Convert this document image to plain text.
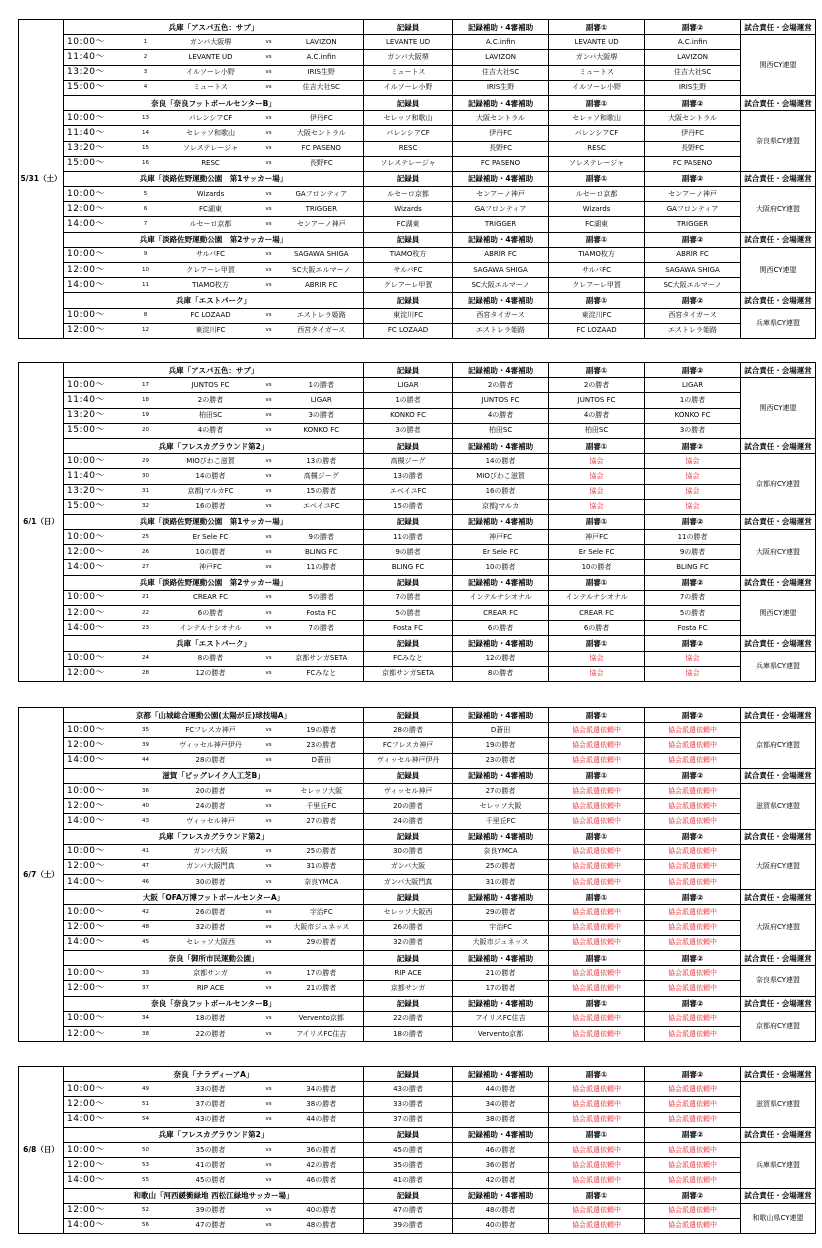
5/31（土）	兵庫「アスパ五色：サブ」					記録員	記録補助・4審補助	副審①	副審②	試合責任・会場運営
	10:00～	1	ガンバ大阪堺	vs	LAVIZON	LEVANTE UD	A.C.infin	LEVANTE UD	A.C.infin	関西CY連盟
	11:40～	2	LEVANTE UD	vs	A.C.infin	ガンバ大阪堺	LAVIZON	ガンバ大阪堺	LAVIZON	
	13:20～	3	イルソーレ小野	vs	IRIS生野	ミュートス	住吉大社SC	ミュートス	住吉大社SC	
	15:00～	4	ミュートス	vs	住吉大社SC	イルソーレ小野	IRIS生野	イルソーレ小野	IRIS生野	
	奈良「奈良フットボールセンターB」					記録員	記録補助・4審補助	副審①	副審②	試合責任・会場運営
	10:00～	13	バレンシアCF	vs	伊丹FC	セレッソ和歌山	大阪セントラル	セレッソ和歌山	大阪セントラル	奈良県CY連盟
	11:40～	14	セレッソ和歌山	vs	大阪セントラル	バレンシアCF	伊丹FC	バレンシアCF	伊丹FC	
	13:20～	15	ソレステレージャ	vs	FC PASENO	RESC	長野FC	RESC	長野FC	
	15:00～	16	RESC	vs	長野FC	ソレステレージャ	FC PASENO	ソレステレージャ	FC PASENO	
	兵庫「淡路佐野運動公園　第1サッカー場」					記録員	記録補助・4審補助	副審①	副審②	試合責任・会場運営
	10:00～	5	Wizards	vs	GAフロンティア	ルセーロ京都	センアーノ神戸	ルセーロ京都	センアーノ神戸	大阪府CY連盟
	12:00～	6	FC湖東	vs	TRIGGER	Wizards	GAフロンティア	Wizards	GAフロンティア	
	14:00～	7	ルセーロ京都	vs	センアーノ神戸	FC湖東	TRIGGER	FC湖東	TRIGGER	
	兵庫「淡路佐野運動公園　第2サッカー場」					記録員	記録補助・4審補助	副審①	副審②	試合責任・会場運営
	10:00～	9	サルパFC	vs	SAGAWA SHIGA	TIAMO枚方	ABRIR FC	TIAMO枚方	ABRIR FC	関西CY連盟
	12:00～	10	クレアーレ甲賀	vs	SC大阪エルマーノ	サルパFC	SAGAWA SHIGA	サルパFC	SAGAWA SHIGA	
	14:00～	11	TIAMO枚方	vs	ABRIR FC	クレアーレ甲賀	SC大阪エルマーノ	クレアーレ甲賀	SC大阪エルマーノ	
	兵庫「エストパーク」					記録員	記録補助・4審補助	副審①	副審②	試合責任・会場運営
	10:00～	8	FC LOZAAD	vs	エストレラ姫路	東淀川FC	西宮タイガース	東淀川FC	西宮タイガース	兵庫県CY連盟
	12:00～	12	東淀川FC	vs	西宮タイガース	FC LOZAAD	エストレラ姫路	FC LOZAAD	エストレラ姫路	
6/1（日）	兵庫「アスパ五色：サブ」					記録員	記録補助・4審補助	副審①	副審②	試合責任・会場運営
	10:00～	17	JUNTOS FC	vs	1の勝者	LIGAR	2の勝者	2の勝者	LIGAR	関西CY連盟
	11:40～	18	2の勝者	vs	LIGAR	1の勝者	JUNTOS FC	JUNTOS FC	1の勝者	
	13:20～	19	柏田SC	vs	3の勝者	KONKO FC	4の勝者	4の勝者	KONKO FC	
	15:00～	20	4の勝者	vs	KONKO FC	3の勝者	柏田SC	柏田SC	3の勝者	
	兵庫「フレスカグラウンド第2」					記録員	記録補助・4審補助	副審①	副審②	試合責任・会場運営
	10:00～	29	MIOびわこ滋賀	vs	13の勝者	高槻ジーグ	14の勝者	協会	協会	京都府CY連盟
	11:40～	30	14の勝者	vs	高槻ジーグ	13の勝者	MIOびわこ滋賀	協会	協会	
	13:20～	31	京都JマルカFC	vs	15の勝者	エベイユFC	16の勝者	協会	協会	
	15:00～	32	16の勝者	vs	エベイユFC	15の勝者	京都Jマルカ	協会	協会	
	兵庫「淡路佐野運動公園　第1サッカー場」					記録員	記録補助・4審補助	副審①	副審②	試合責任・会場運営
	10:00～	25	Er Sele FC	vs	9の勝者	11の勝者	神戸FC	神戸FC	11の勝者	大阪府CY連盟
	12:00～	26	10の勝者	vs	BLING FC	9の勝者	Er Sele FC	Er Sele FC	9の勝者	
	14:00～	27	神戸FC	vs	11の勝者	BLING FC	10の勝者	10の勝者	BLING FC	
	兵庫「淡路佐野運動公園　第2サッカー場」					記録員	記録補助・4審補助	副審①	副審②	試合責任・会場運営
	10:00～	21	CREAR FC	vs	5の勝者	7の勝者	インテルナシオナル	インテルナシオナル	7の勝者	関西CY連盟
	12:00～	22	6の勝者	vs	Fosta FC	5の勝者	CREAR FC	CREAR FC	5の勝者	
	14:00～	23	インテルナシオナル	vs	7の勝者	Fosta FC	6の勝者	6の勝者	Fosta FC	
	兵庫「エストパーク」					記録員	記録補助・4審補助	副審①	副審②	試合責任・会場運営
	10:00～	24	8の勝者	vs	京都サンガSETA	FCみなと	12の勝者	協会	協会	兵庫県CY連盟
	12:00～	28	12の勝者	vs	FCみなと	京都サンガSETA	8の勝者	協会	協会	
6/7（土）	京都「山城総合運動公園(太陽が丘)球技場A」					記録員	記録補助・4審補助	副審①	副審②	試合責任・会場運営
	10:00～	35	FCフレスカ神戸	vs	19の勝者	28の勝者	D蒼田	協会派遣依頼中	協会派遣依頼中	京都府CY連盟
	12:00～	39	ヴィッセル神戸伊丹	vs	23の勝者	FCフレスカ神戸	19の勝者	協会派遣依頼中	協会派遣依頼中	
	14:00～	44	28の勝者	vs	D蒼田	ヴィッセル神戸伊丹	23の勝者	協会派遣依頼中	協会派遣依頼中	
	滋賀「ビッグレイク人工芝B」					記録員	記録補助・4審補助	副審①	副審②	試合責任・会場運営
	10:00～	36	20の勝者	vs	セレッソ大阪	ヴィッセル神戸	27の勝者	協会派遣依頼中	協会派遣依頼中	滋賀県CY連盟
	12:00～	40	24の勝者	vs	千里丘FC	20の勝者	セレッソ大阪	協会派遣依頼中	協会派遣依頼中	
	14:00～	43	ヴィッセル神戸	vs	27の勝者	24の勝者	千里丘FC	協会派遣依頼中	協会派遣依頼中	
	兵庫「フレスカグラウンド第2」					記録員	記録補助・4審補助	副審①	副審②	試合責任・会場運営
	10:00～	41	ガンバ大阪	vs	25の勝者	30の勝者	奈良YMCA	協会派遣依頼中	協会派遣依頼中	大阪府CY連盟
	12:00～	47	ガンバ大阪門真	vs	31の勝者	ガンバ大阪	25の勝者	協会派遣依頼中	協会派遣依頼中	
	14:00～	46	30の勝者	vs	奈良YMCA	ガンバ大阪門真	31の勝者	協会派遣依頼中	協会派遣依頼中	
	大阪「OFA万博フットボールセンターA」					記録員	記録補助・4審補助	副審①	副審②	試合責任・会場運営
	10:00～	42	26の勝者	vs	宇治FC	セレッソ大阪西	29の勝者	協会派遣依頼中	協会派遣依頼中	大阪府CY連盟
	12:00～	48	32の勝者	vs	大阪市ジュネッス	26の勝者	宇治FC	協会派遣依頼中	協会派遣依頼中	
	14:00～	45	セレッソ大阪西	vs	29の勝者	32の勝者	大阪市ジュネッス	協会派遣依頼中	協会派遣依頼中	
	奈良「御所市民運動公園」					記録員	記録補助・4審補助	副審①	副審②	試合責任・会場運営
	10:00～	33	京都サンガ	vs	17の勝者	RIP ACE	21の勝者	協会派遣依頼中	協会派遣依頼中	奈良県CY連盟
	12:00～	37	RIP ACE	vs	21の勝者	京都サンガ	17の勝者	協会派遣依頼中	協会派遣依頼中	
	奈良「奈良フットボールセンターB」					記録員	記録補助・4審補助	副審①	副審②	試合責任・会場運営
	10:00～	34	18の勝者	vs	Vervento京都	22の勝者	アイリスFC住吉	協会派遣依頼中	協会派遣依頼中	京都府CY連盟
	12:00～	38	22の勝者	vs	アイリスFC住吉	18の勝者	Vervento京都	協会派遣依頼中	協会派遣依頼中	
6/8（日）	奈良「ナラディーアA」					記録員	記録補助・4審補助	副審①	副審②	試合責任・会場運営
	10:00～	49	33の勝者	vs	34の勝者	43の勝者	44の勝者	協会派遣依頼中	協会派遣依頼中	滋賀県CY連盟
	12:00～	51	37の勝者	vs	38の勝者	33の勝者	34の勝者	協会派遣依頼中	協会派遣依頼中	
	14:00～	54	43の勝者	vs	44の勝者	37の勝者	38の勝者	協会派遣依頼中	協会派遣依頼中	
	兵庫「フレスカグラウンド第2」					記録員	記録補助・4審補助	副審①	副審②	試合責任・会場運営
	10:00～	50	35の勝者	vs	36の勝者	45の勝者	46の勝者	協会派遣依頼中	協会派遣依頼中	兵庫県CY連盟
	12:00～	53	41の勝者	vs	42の勝者	35の勝者	36の勝者	協会派遣依頼中	協会派遣依頼中	
	14:00～	55	45の勝者	vs	46の勝者	41の勝者	42の勝者	協会派遣依頼中	協会派遣依頼中	
	和歌山「河西緩衝緑地 西松江緑地サッカー場」					記録員	記録補助・4審補助	副審①	副審②	試合責任・会場運営
	12:00～	52	39の勝者	vs	40の勝者	47の勝者	48の勝者	協会派遣依頼中	協会派遣依頼中	和歌山県CY連盟
	14:00～	56	47の勝者	vs	48の勝者	39の勝者	40の勝者	協会派遣依頼中	協会派遣依頼中	
